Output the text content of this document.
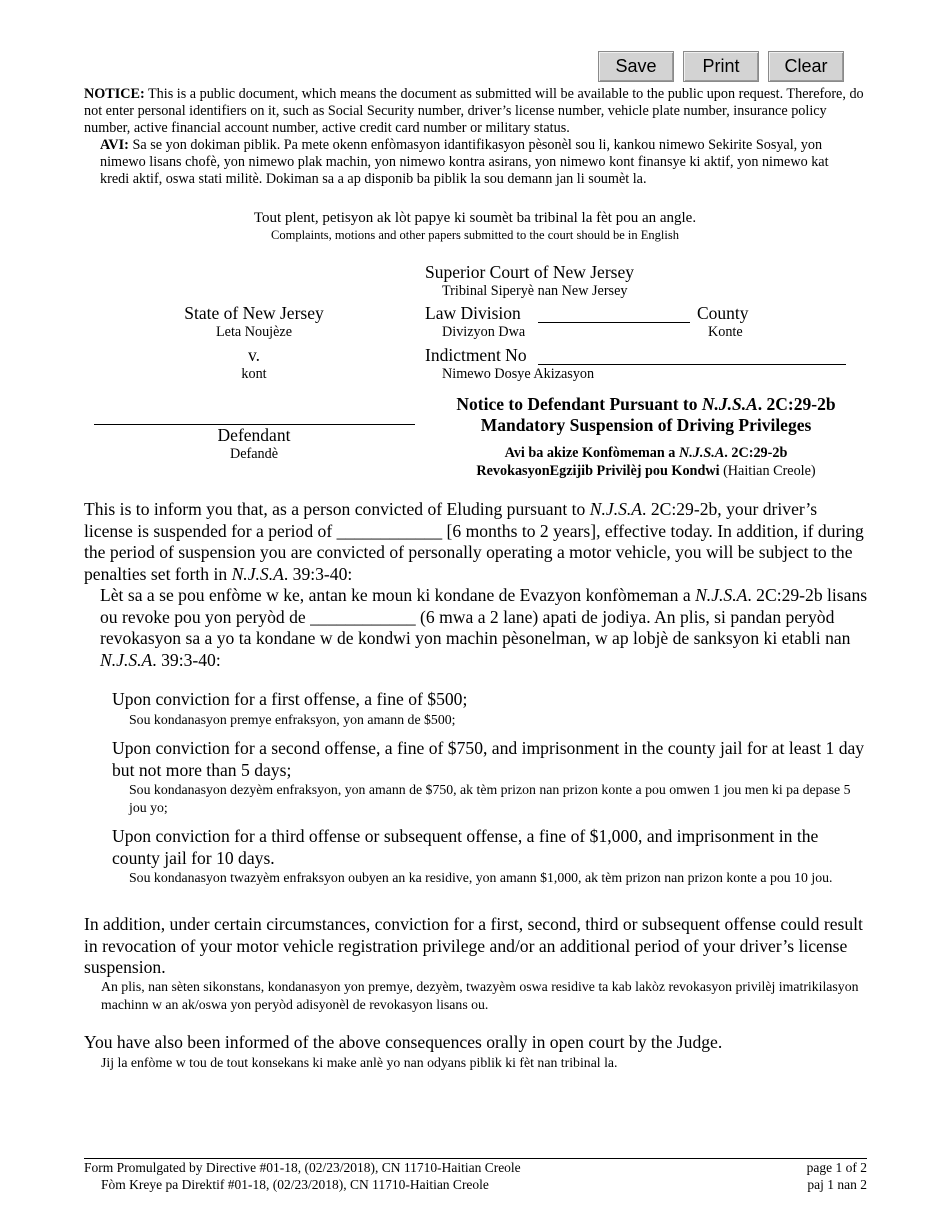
Save	Print	Clear
NOTICE: This is a public document, which means the document as submitted will be available to the public upon request. Therefore, do not enter personal identifiers on it, such as Social Security number, driver’s license number, vehicle plate number, insurance policy number, active financial account number, active credit card number or military status.
AVI: Sa se yon dokiman piblik. Pa mete okenn enfòmasyon idantifikasyon pèsonèl sou li, kankou nimewo Sekirite Sosyal, yon nimewo lisans chofè, yon nimewo plak machin, yon nimewo kontra asirans, yon nimewo kont finansye ki aktif, yon nimewo kat kredi aktif, oswa stati militè. Dokiman sa a ap disponib ba piblik la sou demann jan li soumèt la.
Tout plent, petisyon ak lòt papye ki soumèt ba tribinal la fèt pou an angle.
Complaints, motions and other papers submitted to the court should be in English
Superior Court of New Jersey
Tribinal Siperyè nan New Jersey
Law Division	County
Divizyon Dwa	Konte
Indictment No
Nimewo Dosye Akizasyon
State of New Jersey
Leta Noujèze
v.
kont
Defendant
Defandè
Notice to Defendant Pursuant to N.J.S.A. 2C:29-2b
Mandatory Suspension of Driving Privileges
Avi ba akize Konfòmeman a N.J.S.A. 2C:29-2b
RevokasyonEgzijib Privilèj pou Kondwi (Haitian Creole)
This is to inform you that, as a person convicted of Eluding pursuant to N.J.S.A. 2C:29-2b, your driver’s license is suspended for a period of ____________ [6 months to 2 years], effective today. In addition, if during the period of suspension you are convicted of personally operating a motor vehicle, you will be subject to the penalties set forth in N.J.S.A. 39:3-40:
Lèt sa a se pou enfòme w ke, antan ke moun ki kondane de Evazyon konfòmeman a N.J.S.A. 2C:29-2b lisans ou revoke pou yon peryòd de ____________ (6 mwa a 2 lane) apati de jodiya. An plis, si pandan peryòd revokasyon sa a yo ta kondane w de kondwi yon machin pèsonelman, w ap lobjè de sanksyon ki etabli nan N.J.S.A. 39:3-40:
Upon conviction for a first offense, a fine of $500;
Sou kondanasyon premye enfraksyon, yon amann de $500;
Upon conviction for a second offense, a fine of $750, and imprisonment in the county jail for at least 1 day but not more than 5 days;
Sou kondanasyon dezyèm enfraksyon, yon amann de $750, ak tèm prizon nan prizon konte a pou omwen 1 jou men ki pa depase 5 jou yo;
Upon conviction for a third offense or subsequent offense, a fine of $1,000, and imprisonment in the county jail for 10 days.
Sou kondanasyon twazyèm enfraksyon oubyen an ka residive, yon amann $1,000, ak tèm prizon nan prizon konte a pou 10 jou.
In addition, under certain circumstances, conviction for a first, second, third or subsequent offense could result in revocation of your motor vehicle registration privilege and/or an additional period of your driver’s license suspension.
An plis, nan sèten sikonstans, kondanasyon yon premye, dezyèm, twazyèm oswa residive ta kab lakòz revokasyon privilèj imatrikilasyon machinn w an ak/oswa yon peryòd adisyonèl de revokasyon lisans ou.
You have also been informed of the above consequences orally in open court by the Judge.
Jij la enfòme w tou de tout konsekans ki make anlè yo nan odyans piblik ki fèt nan tribinal la.
Form Promulgated by Directive #01-18, (02/23/2018), CN 11710-Haitian Creole
Fòm Kreye pa Direktif #01-18, (02/23/2018), CN 11710-Haitian Creole
page 1 of 2
paj 1 nan 2
